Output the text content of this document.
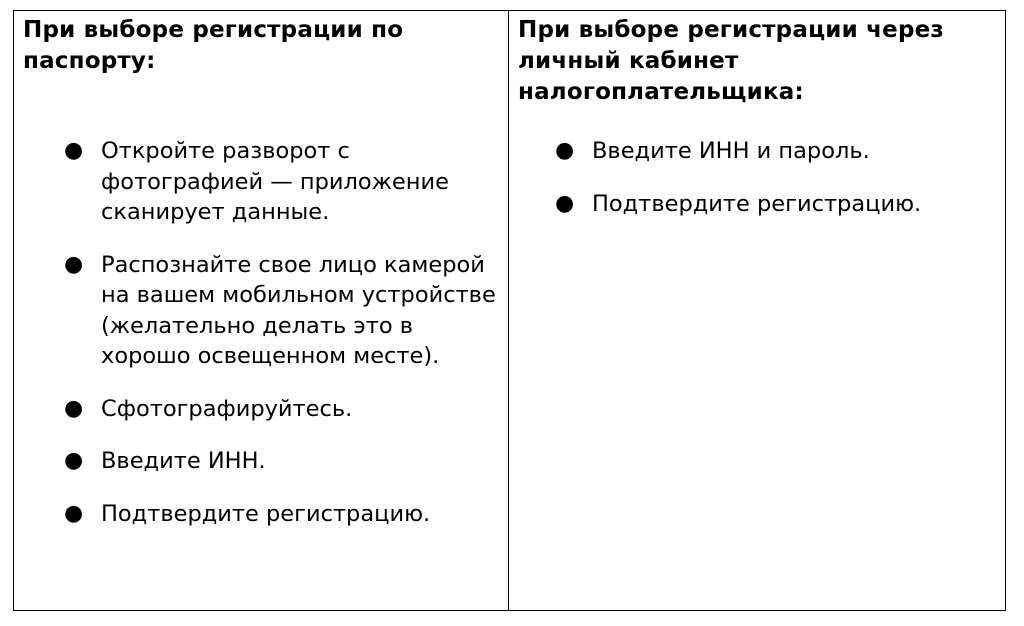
При выборе регистрации по паспорту:
● Откройте разворот с фотографией — приложение сканирует данные.
● Распознайте свое лицо камерой на вашем мобильном устройстве (желательно делать это в хорошо освещенном месте).
● Сфотографируйтесь.
● Введите ИНН.
● Подтвердите регистрацию.
При выборе регистрации через личный кабинет налогоплательщика:
● Введите ИНН и пароль.
● Подтвердите регистрацию.
